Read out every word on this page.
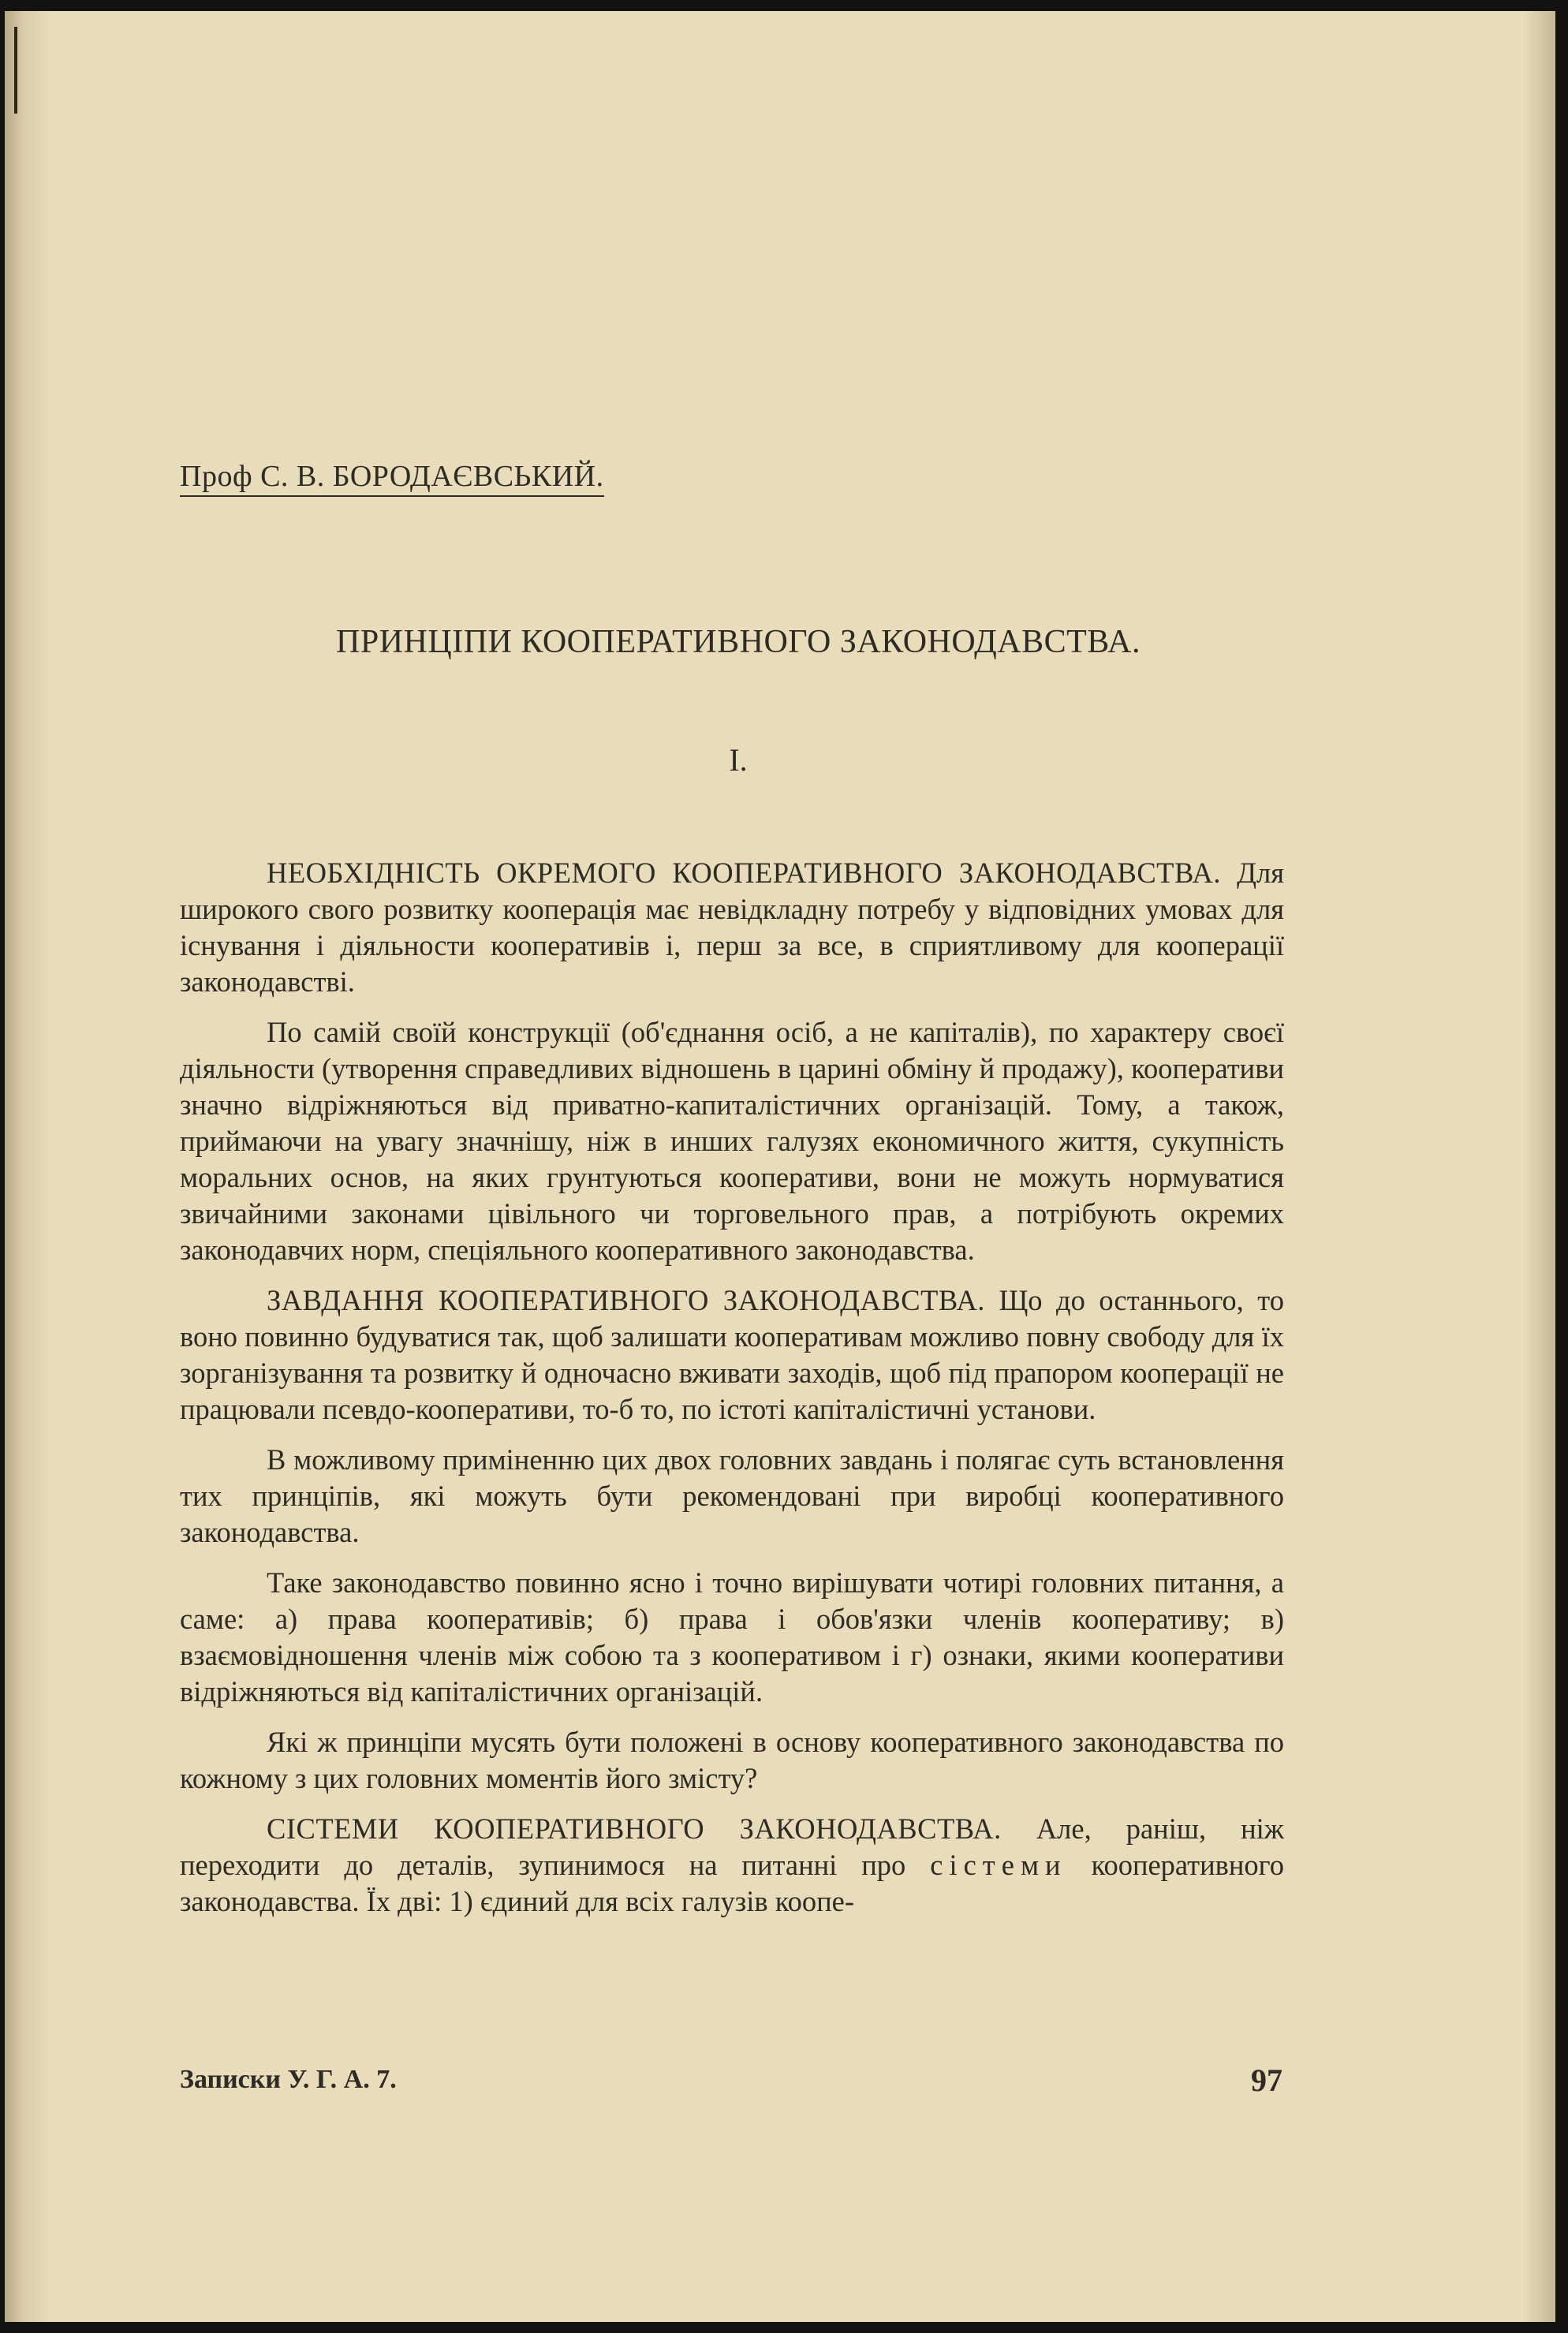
Проф С. В. БОРОДАЄВСЬКИЙ.
ПРИНЦІПИ КООПЕРАТИВНОГО ЗАКОНОДАВСТВА.
I.

НЕОБХІДНІСТЬ ОКРЕМОГО КООПЕРАТИВНОГО ЗАКОНОДАВСТВА. Для широкого свого розвитку кооперація має невідкладну потребу у відповідних умовах для існування і діяльности кооперативів і, перш за все, в сприятливому для кооперації законодавстві.

По самій своїй конструкції (об'єднання осіб, а не капіталів), по характеру своєї діяльности (утворення справедливих відношень в царині обміну й продажу), кооперативи значно відріжняються від приватно-капиталістичних організацій. Тому, а також, приймаючи на увагу значнішу, ніж в инших галузях економичного життя, сукупність моральних основ, на яких грунтуються кооперативи, вони не можуть нормуватися звичайними законами цівільного чи торговельного прав, а потрібують окремих законодавчих норм, спеціяльного кооперативного законодавства.

ЗАВДАННЯ КООПЕРАТИВНОГО ЗАКОНОДАВСТВА. Що до останнього, то воно повинно будуватися так, щоб залишати кооперативам можливо повну свободу для їх зорганізування та розвитку й одночасно вживати заходів, щоб під прапором кооперації не працювали псевдо-кооперативи, то-б то, по істоті капіталістичні установи.

В можливому приміненню цих двох головних завдань і полягає суть встановлення тих принціпів, які можуть бути рекомендовані при виробці кооперативного законодавства.

Таке законодавство повинно ясно і точно вирішувати чотирі головних питання, а саме: а) права кооперативів; б) права і обов'язки членів кооперативу; в) взаємовідношення членів між собою та з кооперативом і г) ознаки, якими кооперативи відріжняються від капіталістичних організацій.

Які ж принціпи мусять бути положені в основу кооперативного законодавства по кожному з цих головних моментів його змісту?

СІСТЕМИ КООПЕРАТИВНОГО ЗАКОНОДАВСТВА. Але, раніш, ніж переходити до деталів, зупинимося на питанні про сістеми кооперативного законодавства. Їх дві: 1) єдиний для всіх галузів коопе-

Записки У. Г. А. 7.	97
